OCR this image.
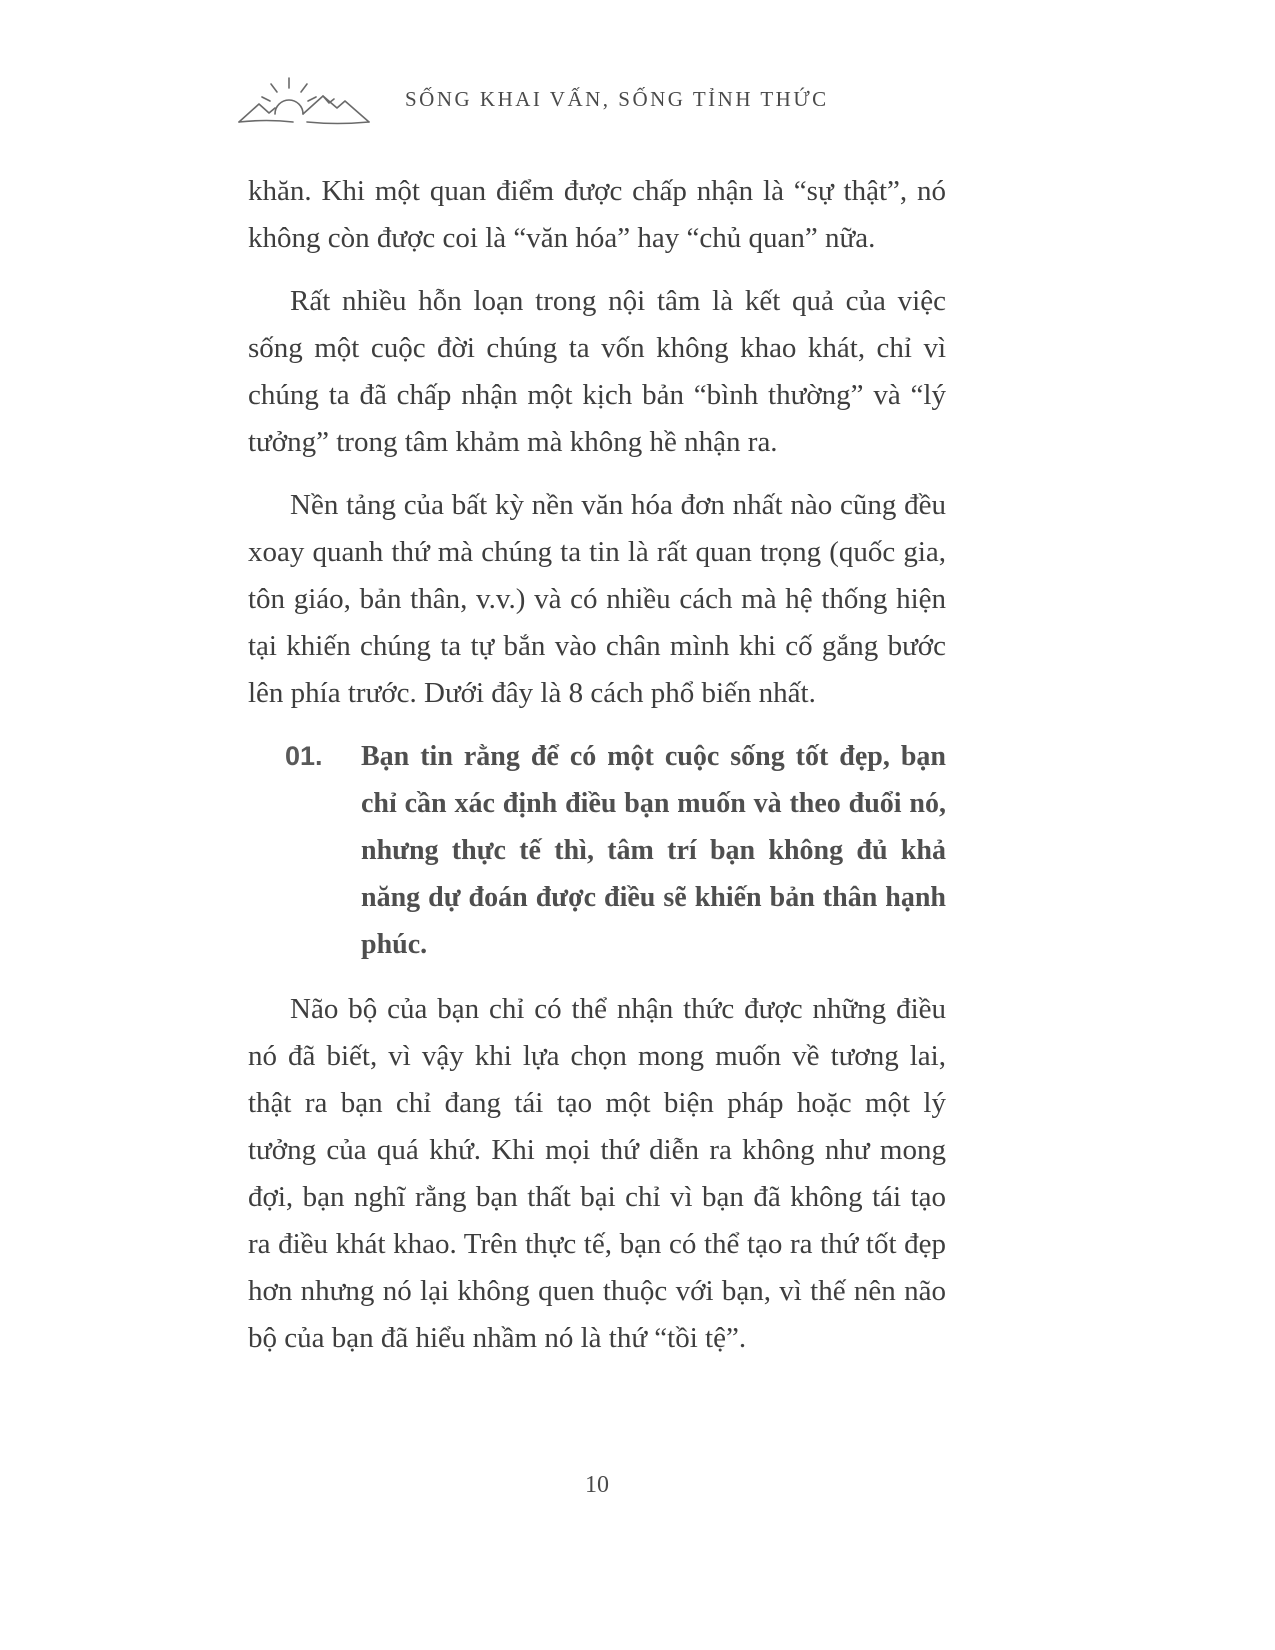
SỐNG KHAI VẤN, SỐNG TỈNH THỨC

khăn. Khi một quan điểm được chấp nhận là “sự thật”, nó không còn được coi là “văn hóa” hay “chủ quan” nữa.

Rất nhiều hỗn loạn trong nội tâm là kết quả của việc sống một cuộc đời chúng ta vốn không khao khát, chỉ vì chúng ta đã chấp nhận một kịch bản “bình thường” và “lý tưởng” trong tâm khảm mà không hề nhận ra.

Nền tảng của bất kỳ nền văn hóa đơn nhất nào cũng đều xoay quanh thứ mà chúng ta tin là rất quan trọng (quốc gia, tôn giáo, bản thân, v.v.) và có nhiều cách mà hệ thống hiện tại khiến chúng ta tự bắn vào chân mình khi cố gắng bước lên phía trước. Dưới đây là 8 cách phổ biến nhất.

01.	Bạn tin rằng để có một cuộc sống tốt đẹp, bạn chỉ cần xác định điều bạn muốn và theo đuổi nó, nhưng thực tế thì, tâm trí bạn không đủ khả năng dự đoán được điều sẽ khiến bản thân hạnh phúc.

Não bộ của bạn chỉ có thể nhận thức được những điều nó đã biết, vì vậy khi lựa chọn mong muốn về tương lai, thật ra bạn chỉ đang tái tạo một biện pháp hoặc một lý tưởng của quá khứ. Khi mọi thứ diễn ra không như mong đợi, bạn nghĩ rằng bạn thất bại chỉ vì bạn đã không tái tạo ra điều khát khao. Trên thực tế, bạn có thể tạo ra thứ tốt đẹp hơn nhưng nó lại không quen thuộc với bạn, vì thế nên não bộ của bạn đã hiểu nhầm nó là thứ “tồi tệ”.

10
